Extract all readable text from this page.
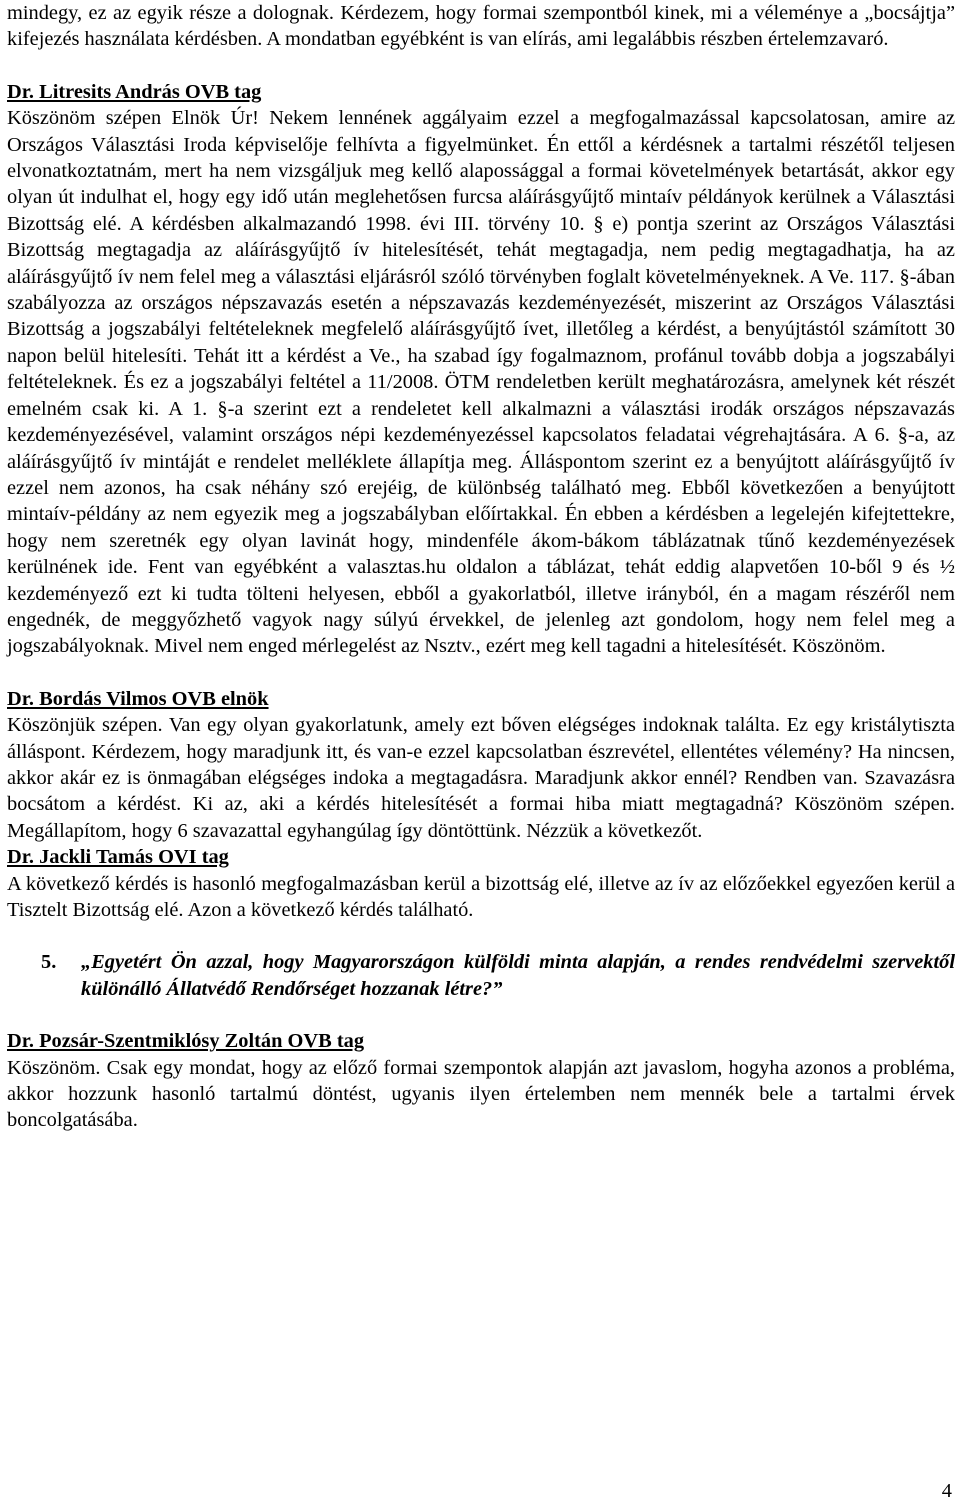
mindegy, ez az egyik része a dolognak. Kérdezem, hogy formai szempontból kinek, mi a véleménye a „bocsájtja” kifejezés használata kérdésben. A mondatban egyébként is van elírás, ami legalábbis részben értelemzavaró.

Dr. Litresits András OVB tag

Köszönöm szépen Elnök Úr! Nekem lennének aggályaim ezzel a megfogalmazással kapcsolatosan, amire az Országos Választási Iroda képviselője felhívta a figyelmünket. Én ettől a kérdésnek a tartalmi részétől teljesen elvonatkoztatnám, mert ha nem vizsgáljuk meg kellő alapossággal a formai követelmények betartását, akkor egy olyan út indulhat el, hogy egy idő után meglehetősen furcsa aláírásgyűjtő mintaív példányok kerülnek a Választási Bizottság elé. A kérdésben alkalmazandó 1998. évi III. törvény 10. § e) pontja szerint az Országos Választási Bizottság megtagadja az aláírásgyűjtő ív hitelesítését, tehát megtagadja, nem pedig megtagadhatja, ha az aláírásgyűjtő ív nem felel meg a választási eljárásról szóló törvényben foglalt követelményeknek. A Ve. 117. §-ában szabályozza az országos népszavazás esetén a népszavazás kezdeményezését, miszerint az Országos Választási Bizottság a jogszabályi feltételeknek megfelelő aláírásgyűjtő ívet, illetőleg a kérdést, a benyújtástól számított 30 napon belül hitelesíti. Tehát itt a kérdést a Ve., ha szabad így fogalmaznom, profánul tovább dobja a jogszabályi feltételeknek. És ez a jogszabályi feltétel a 11/2008. ÖTM rendeletben került meghatározásra, amelynek két részét emelném csak ki. A 1. §-a szerint ezt a rendeletet kell alkalmazni a választási irodák országos népszavazás kezdeményezésével, valamint országos népi kezdeményezéssel kapcsolatos feladatai végrehajtására. A 6. §-a, az aláírásgyűjtő ív mintáját e rendelet melléklete állapítja meg. Álláspontom szerint ez a benyújtott aláírásgyűjtő ív ezzel nem azonos, ha csak néhány szó erejéig, de különbség található meg. Ebből következően a benyújtott mintaív-példány az nem egyezik meg a jogszabályban előírtakkal. Én ebben a kérdésben a legelején kifejtettekre, hogy nem szeretnék egy olyan lavinát hogy, mindenféle ákom-bákom táblázatnak tűnő kezdeményezések kerülnének ide. Fent van egyébként a valasztas.hu oldalon a táblázat, tehát eddig alapvetően 10-ből 9 és ½ kezdeményező ezt ki tudta tölteni helyesen, ebből a gyakorlatból, illetve irányból, én a magam részéről nem engednék, de meggyőzhető vagyok nagy súlyú érvekkel, de jelenleg azt gondolom, hogy nem felel meg a jogszabályoknak. Mivel nem enged mérlegelést az Nsztv., ezért meg kell tagadni a hitelesítését. Köszönöm.

Dr. Bordás Vilmos OVB elnök

Köszönjük szépen. Van egy olyan gyakorlatunk, amely ezt bőven elégséges indoknak találta. Ez egy kristálytiszta álláspont. Kérdezem, hogy maradjunk itt, és van-e ezzel kapcsolatban észrevétel, ellentétes vélemény? Ha nincsen, akkor akár ez is önmagában elégséges indoka a megtagadásra. Maradjunk akkor ennél? Rendben van. Szavazásra bocsátom a kérdést. Ki az, aki a kérdés hitelesítését a formai hiba miatt megtagadná? Köszönöm szépen. Megállapítom, hogy 6 szavazattal egyhangúlag így döntöttünk. Nézzük a következőt.

Dr. Jackli Tamás OVI tag

A következő kérdés is hasonló megfogalmazásban kerül a bizottság elé, illetve az ív az előzőekkel egyezően kerül a Tisztelt Bizottság elé. Azon a következő kérdés található.

5.	„Egyetért Ön azzal, hogy Magyarországon külföldi minta alapján, a rendes rendvédelmi szervektől különálló Állatvédő Rendőrséget hozzanak létre?”
Dr. Pozsár-Szentmiklósy Zoltán OVB tag

Köszönöm. Csak egy mondat, hogy az előző formai szempontok alapján azt javaslom, hogyha azonos a probléma, akkor hozzunk hasonló tartalmú döntést, ugyanis ilyen értelemben nem mennék bele a tartalmi érvek boncolgatásába.

4
